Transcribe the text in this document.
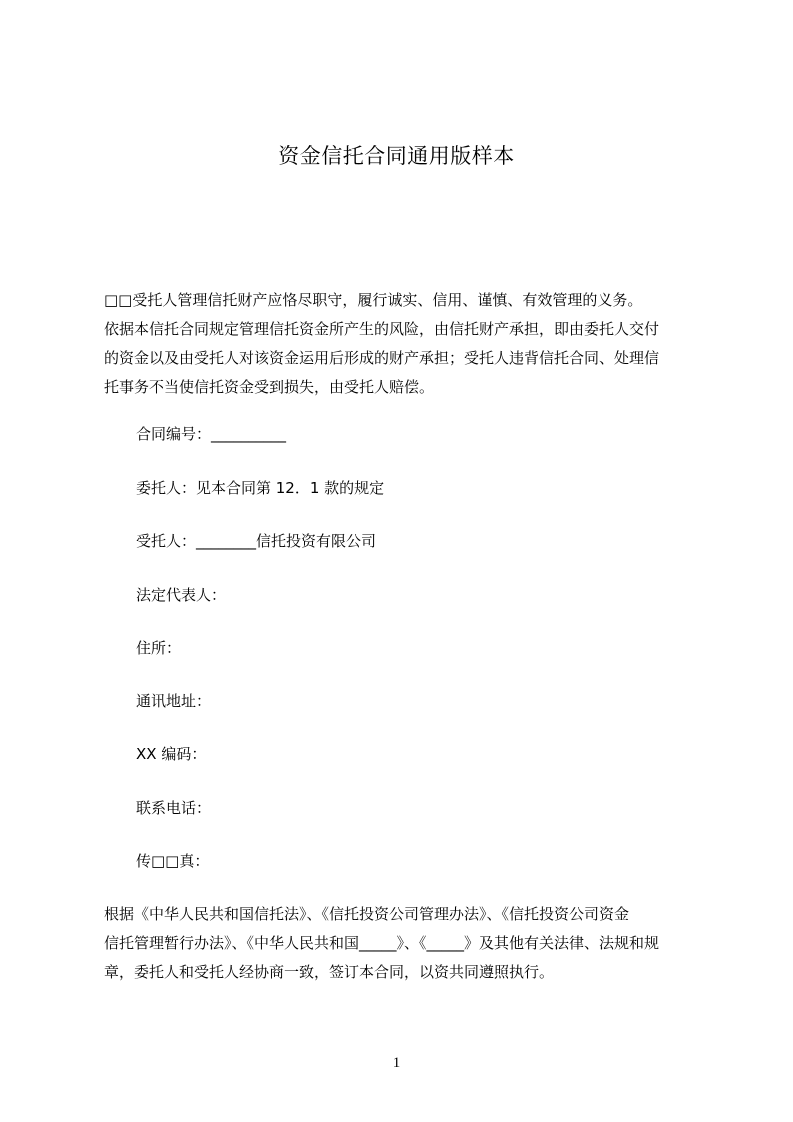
资金信托合同通用版样本
□□受托人管理信托财产应恪尽职守，履行诚实、信用、谨慎、有效管理的义务。
依据本信托合同规定管理信托资金所产生的风险，由信托财产承担，即由委托人交付
的资金以及由受托人对该资金运用后形成的财产承担；受托人违背信托合同、处理信
托事务不当使信托资金受到损失，由受托人赔偿。
合同编号：__________
委托人：见本合同第 12．1 款的规定
受托人：________信托投资有限公司
法定代表人：
住所：
通讯地址：
XX 编码：
联系电话：
传□□真：
根据《中华人民共和国信托法》、《信托投资公司管理办法》、《信托投资公司资金
信托管理暂行办法》、《中华人民共和国_____》、《_____》及其他有关法律、法规和规
章，委托人和受托人经协商一致，签订本合同，以资共同遵照执行。
1
